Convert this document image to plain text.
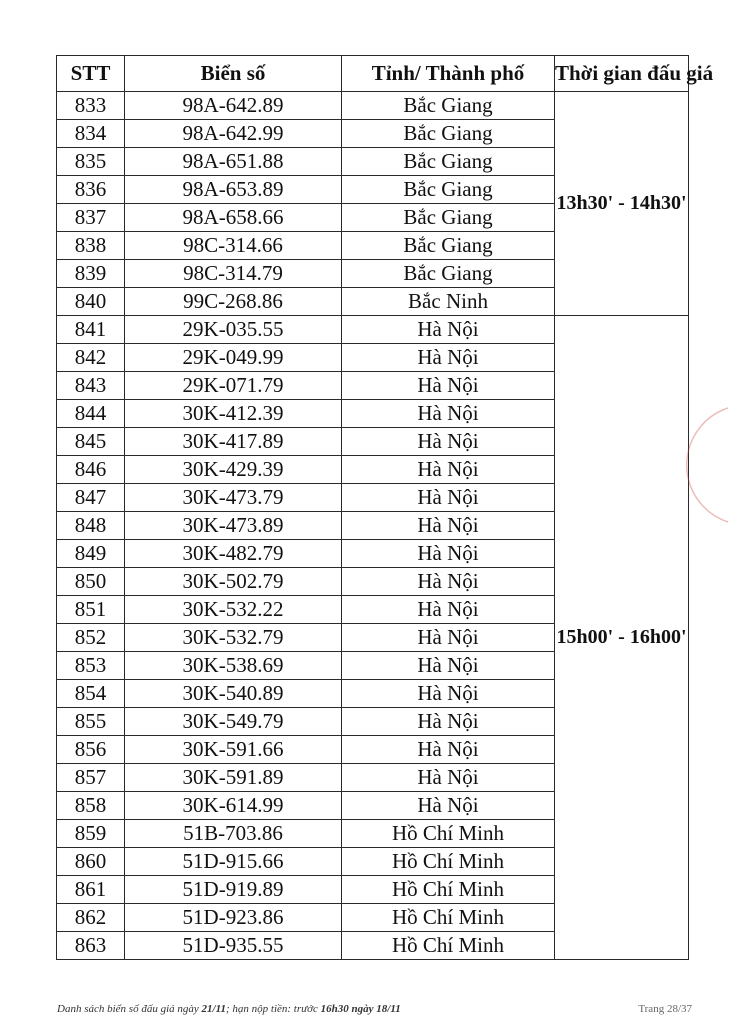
STT	Biển số	Tỉnh/ Thành phố	Thời gian đấu giá
833	98A-642.89	Bắc Giang	13h30' - 14h30'
834	98A-642.99	Bắc Giang	
835	98A-651.88	Bắc Giang	
836	98A-653.89	Bắc Giang	
837	98A-658.66	Bắc Giang	
838	98C-314.66	Bắc Giang	
839	98C-314.79	Bắc Giang	
840	99C-268.86	Bắc Ninh	
841	29K-035.55	Hà Nội	15h00' - 16h00'
842	29K-049.99	Hà Nội	
843	29K-071.79	Hà Nội	
844	30K-412.39	Hà Nội	
845	30K-417.89	Hà Nội	
846	30K-429.39	Hà Nội	
847	30K-473.79	Hà Nội	
848	30K-473.89	Hà Nội	
849	30K-482.79	Hà Nội	
850	30K-502.79	Hà Nội	
851	30K-532.22	Hà Nội	
852	30K-532.79	Hà Nội	
853	30K-538.69	Hà Nội	
854	30K-540.89	Hà Nội	
855	30K-549.79	Hà Nội	
856	30K-591.66	Hà Nội	
857	30K-591.89	Hà Nội	
858	30K-614.99	Hà Nội	
859	51B-703.86	Hồ Chí Minh	
860	51D-915.66	Hồ Chí Minh	
861	51D-919.89	Hồ Chí Minh	
862	51D-923.86	Hồ Chí Minh	
863	51D-935.55	Hồ Chí Minh	
Danh sách biển số đấu giá ngày 21/11; hạn nộp tiền: trước 16h30 ngày 18/11	Trang 28/37
